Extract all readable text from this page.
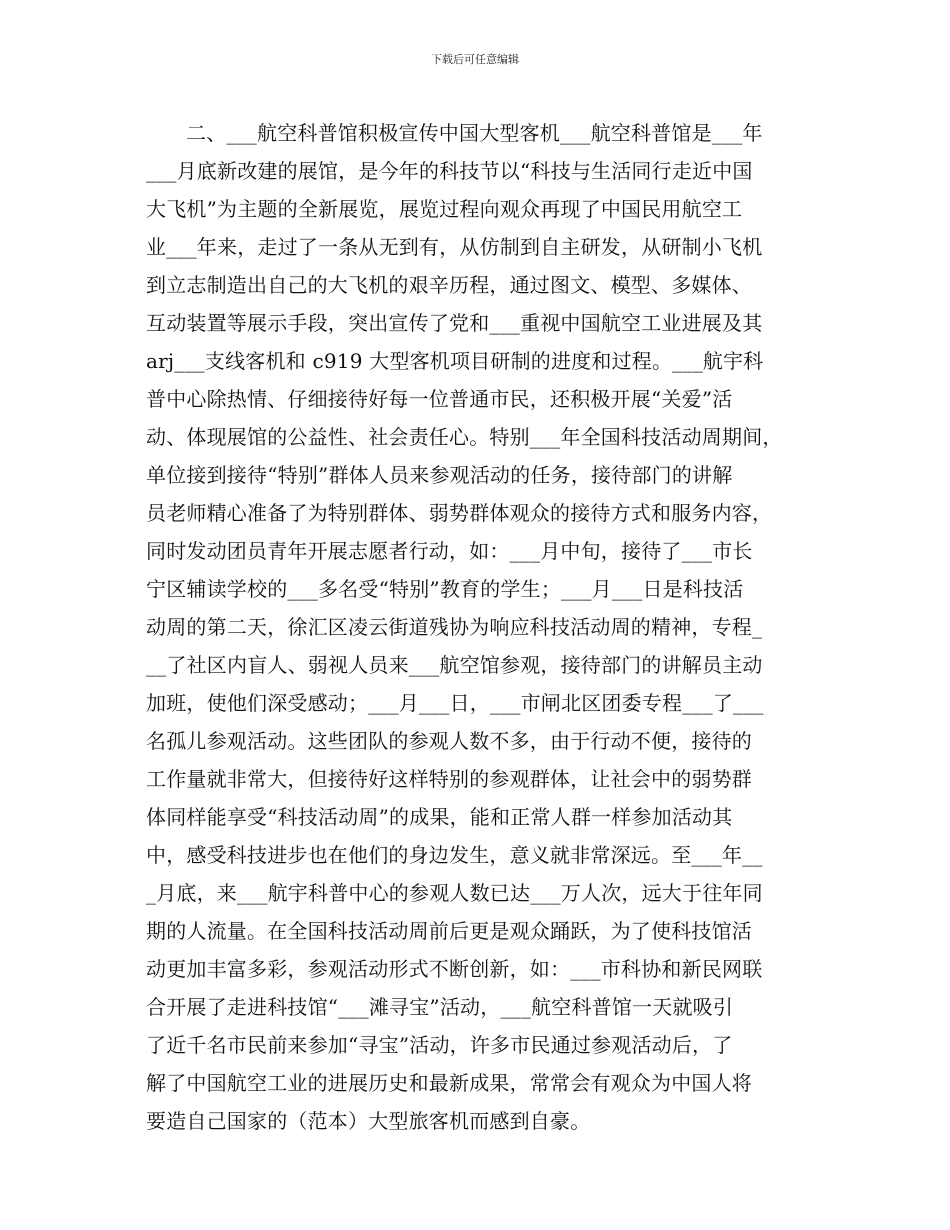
下载后可任意编辑
二、___航空科普馆积极宣传中国大型客机___航空科普馆是___年
___月底新改建的展馆，是今年的科技节以“科技与生活同行走近中国
大飞机”为主题的全新展览，展览过程向观众再现了中国民用航空工
业___年来，走过了一条从无到有，从仿制到自主研发，从研制小飞机
到立志制造出自己的大飞机的艰辛历程，通过图文、模型、多媒体、
互动装置等展示手段，突出宣传了党和___重视中国航空工业进展及其
arj___支线客机和 c919 大型客机项目研制的进度和过程。___航宇科
普中心除热情、仔细接待好每一位普通市民，还积极开展“关爱”活
动、体现展馆的公益性、社会责任心。特别___年全国科技活动周期间，
单位接到接待“特别”群体人员来参观活动的任务，接待部门的讲解
员老师精心准备了为特别群体、弱势群体观众的接待方式和服务内容，
同时发动团员青年开展志愿者行动，如：___月中旬，接待了___市长
宁区辅读学校的___多名受“特别”教育的学生；___月___日是科技活
动周的第二天，徐汇区凌云街道残协为响应科技活动周的精神，专程_
__了社区内盲人、弱视人员来___航空馆参观，接待部门的讲解员主动
加班，使他们深受感动；___月___日，___市闸北区团委专程___了___
名孤儿参观活动。这些团队的参观人数不多，由于行动不便，接待的
工作量就非常大，但接待好这样特别的参观群体，让社会中的弱势群
体同样能享受“科技活动周”的成果，能和正常人群一样参加活动其
中，感受科技进步也在他们的身边发生，意义就非常深远。至___年__
_月底，来___航宇科普中心的参观人数已达___万人次，远大于往年同
期的人流量。在全国科技活动周前后更是观众踊跃，为了使科技馆活
动更加丰富多彩，参观活动形式不断创新，如：___市科协和新民网联
合开展了走进科技馆“___滩寻宝”活动，___航空科普馆一天就吸引
了近千名市民前来参加“寻宝”活动，许多市民通过参观活动后，了
解了中国航空工业的进展历史和最新成果，常常会有观众为中国人将
要造自己国家的（范本）大型旅客机而感到自豪。
